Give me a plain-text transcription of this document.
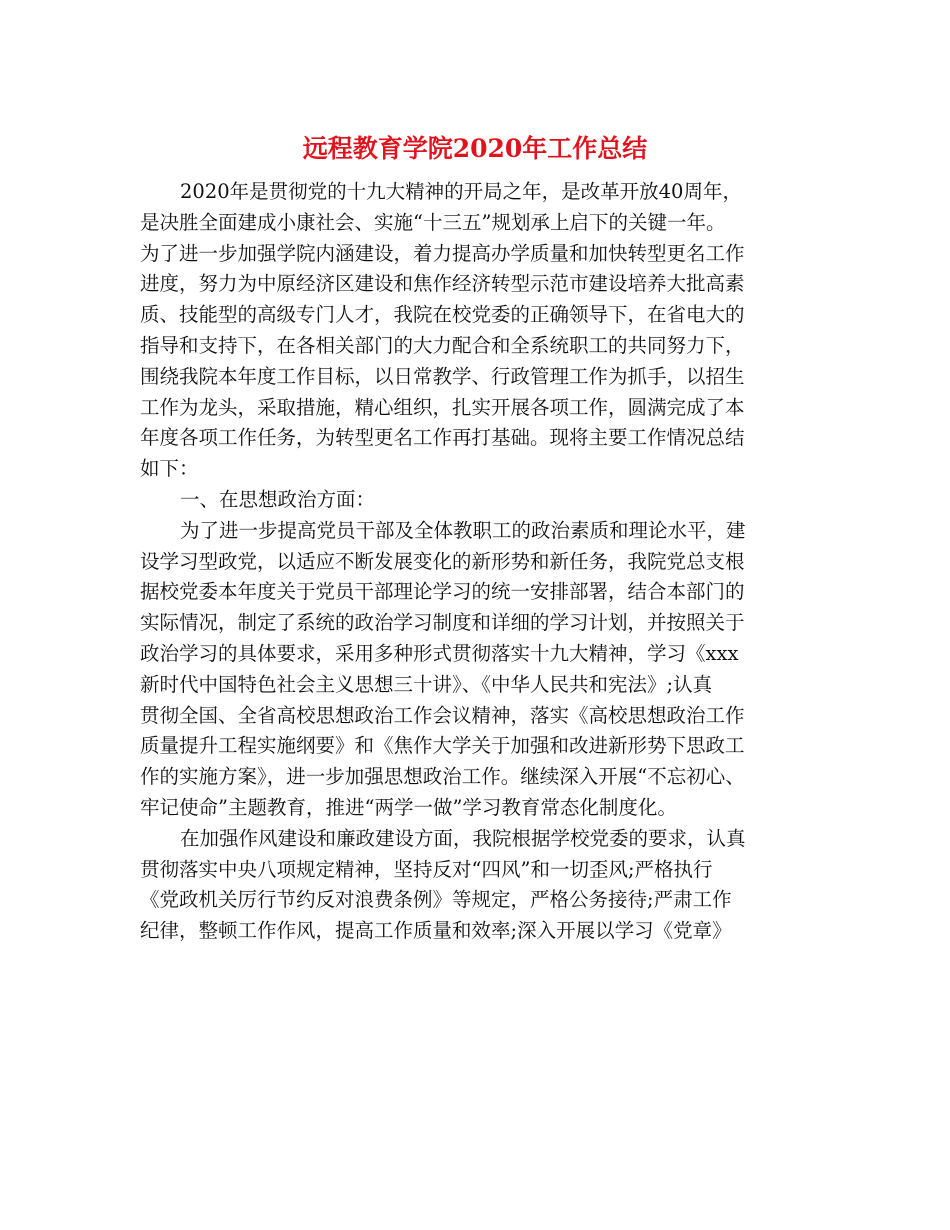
远程教育学院2020年工作总结
2020年是贯彻党的十九大精神的开局之年，是改革开放40周年，
是决胜全面建成小康社会、实施“十三五”规划承上启下的关键一年。
为了进一步加强学院内涵建设，着力提高办学质量和加快转型更名工作
进度，努力为中原经济区建设和焦作经济转型示范市建设培养大批高素
质、技能型的高级专门人才，我院在校党委的正确领导下，在省电大的
指导和支持下，在各相关部门的大力配合和全系统职工的共同努力下，
围绕我院本年度工作目标，以日常教学、行政管理工作为抓手，以招生
工作为龙头，采取措施，精心组织，扎实开展各项工作，圆满完成了本
年度各项工作任务，为转型更名工作再打基础。现将主要工作情况总结
如下：
一、在思想政治方面：
为了进一步提高党员干部及全体教职工的政治素质和理论水平，建
设学习型政党，以适应不断发展变化的新形势和新任务，我院党总支根
据校党委本年度关于党员干部理论学习的统一安排部署，结合本部门的
实际情况，制定了系统的政治学习制度和详细的学习计划，并按照关于
政治学习的具体要求，采用多种形式贯彻落实十九大精神，学习《xxx
新时代中国特色社会主义思想三十讲》、《中华人民共和宪法》;认真
贯彻全国、全省高校思想政治工作会议精神，落实《高校思想政治工作
质量提升工程实施纲要》和《焦作大学关于加强和改进新形势下思政工
作的实施方案》，进一步加强思想政治工作。继续深入开展“不忘初心、
牢记使命”主题教育，推进“两学一做”学习教育常态化制度化。
在加强作风建设和廉政建设方面，我院根据学校党委的要求，认真
贯彻落实中央八项规定精神，坚持反对“四风”和一切歪风;严格执行
《党政机关厉行节约反对浪费条例》等规定，严格公务接待;严肃工作
纪律，整顿工作作风，提高工作质量和效率;深入开展以学习《党章》
